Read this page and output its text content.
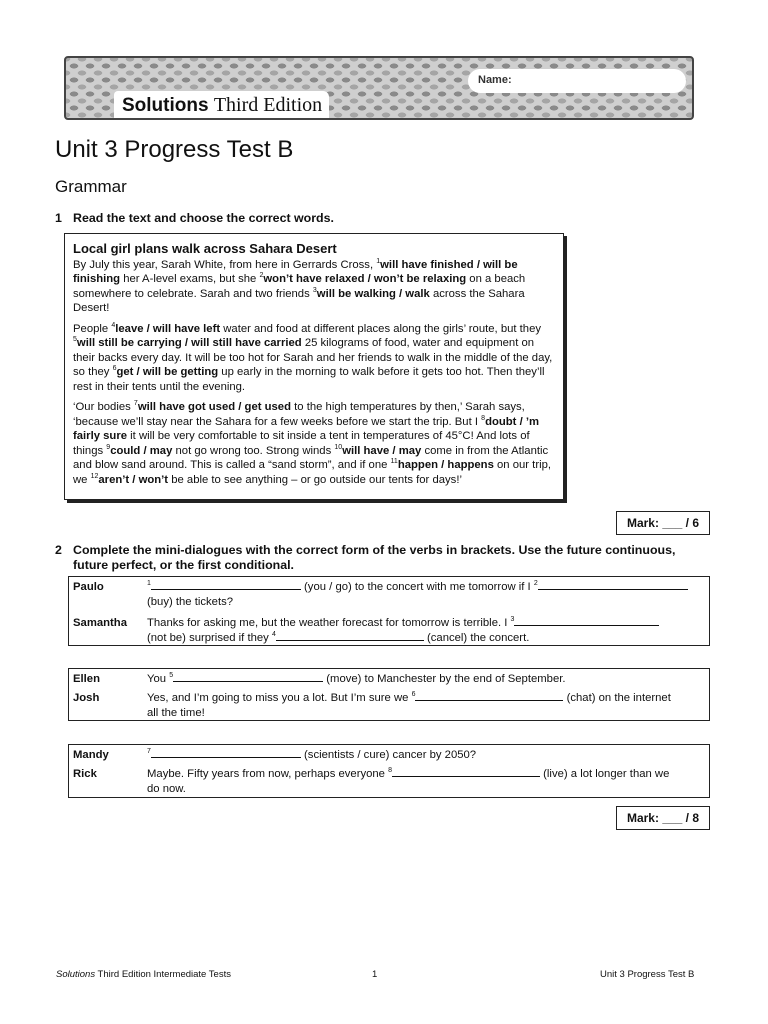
Name:
Solutions Third Edition
Unit 3 Progress Test B
Grammar
1 Read the text and choose the correct words.
Local girl plans walk across Sahara Desert

By July this year, Sarah White, from here in Gerrards Cross, $^1$will have finished / will be finishing her A-level exams, but she $^2$won’t have relaxed / won’t be relaxing on a beach somewhere to celebrate. Sarah and two friends $^3$will be walking / walk across the Sahara Desert!

People $^4$leave / will have left water and food at different places along the girls’ route, but they $^5$will still be carrying / will still have carried 25 kilograms of food, water and equipment on their backs every day. It will be too hot for Sarah and her friends to walk in the middle of the day, so they $^6$get / will be getting up early in the morning to walk before it gets too hot. Then they’ll rest in their tents until the evening.

‘Our bodies $^7$will have got used / get used to the high temperatures by then,’ Sarah says, ‘because we’ll stay near the Sahara for a few weeks before we start the trip. But I $^8$doubt / ’m fairly sure it will be very comfortable to sit inside a tent in temperatures of 45°C! And lots of things $^9$could / may not go wrong too. Strong winds $^{10}$will have / may come in from the Atlantic and blow sand around. This is called a “sand storm”, and if one $^{11}$happen / happens on our trip, we $^{12}$aren’t / won’t be able to see anything – or go outside our tents for days!’

Mark: ___ / 6
2 Complete the mini-dialogues with the correct form of the verbs in brackets. Use the future continuous,
future perfect, or the first conditional.
Paulo	$^1$	(you / go) to the concert with me tomorrow if I $^2$
(buy) the tickets?
Samantha Thanks for asking me, but the weather forecast for tomorrow is terrible. I $^3$
(not be) surprised if they $^4$	(cancel) the concert.
Ellen	You $^5$	(move) to Manchester by the end of September.
Josh	Yes, and I’m going to miss you a lot. But I’m sure we $^6$	(chat) on the internet
all the time!
Mandy	$^7$	(scientists / cure) cancer by 2050?
Rick	Maybe. Fifty years from now, perhaps everyone $^8$	(live) a lot longer than we
do now.
Mark: ___ / 8
Solutions Third Edition Intermediate Tests	1	Unit 3 Progress Test B
